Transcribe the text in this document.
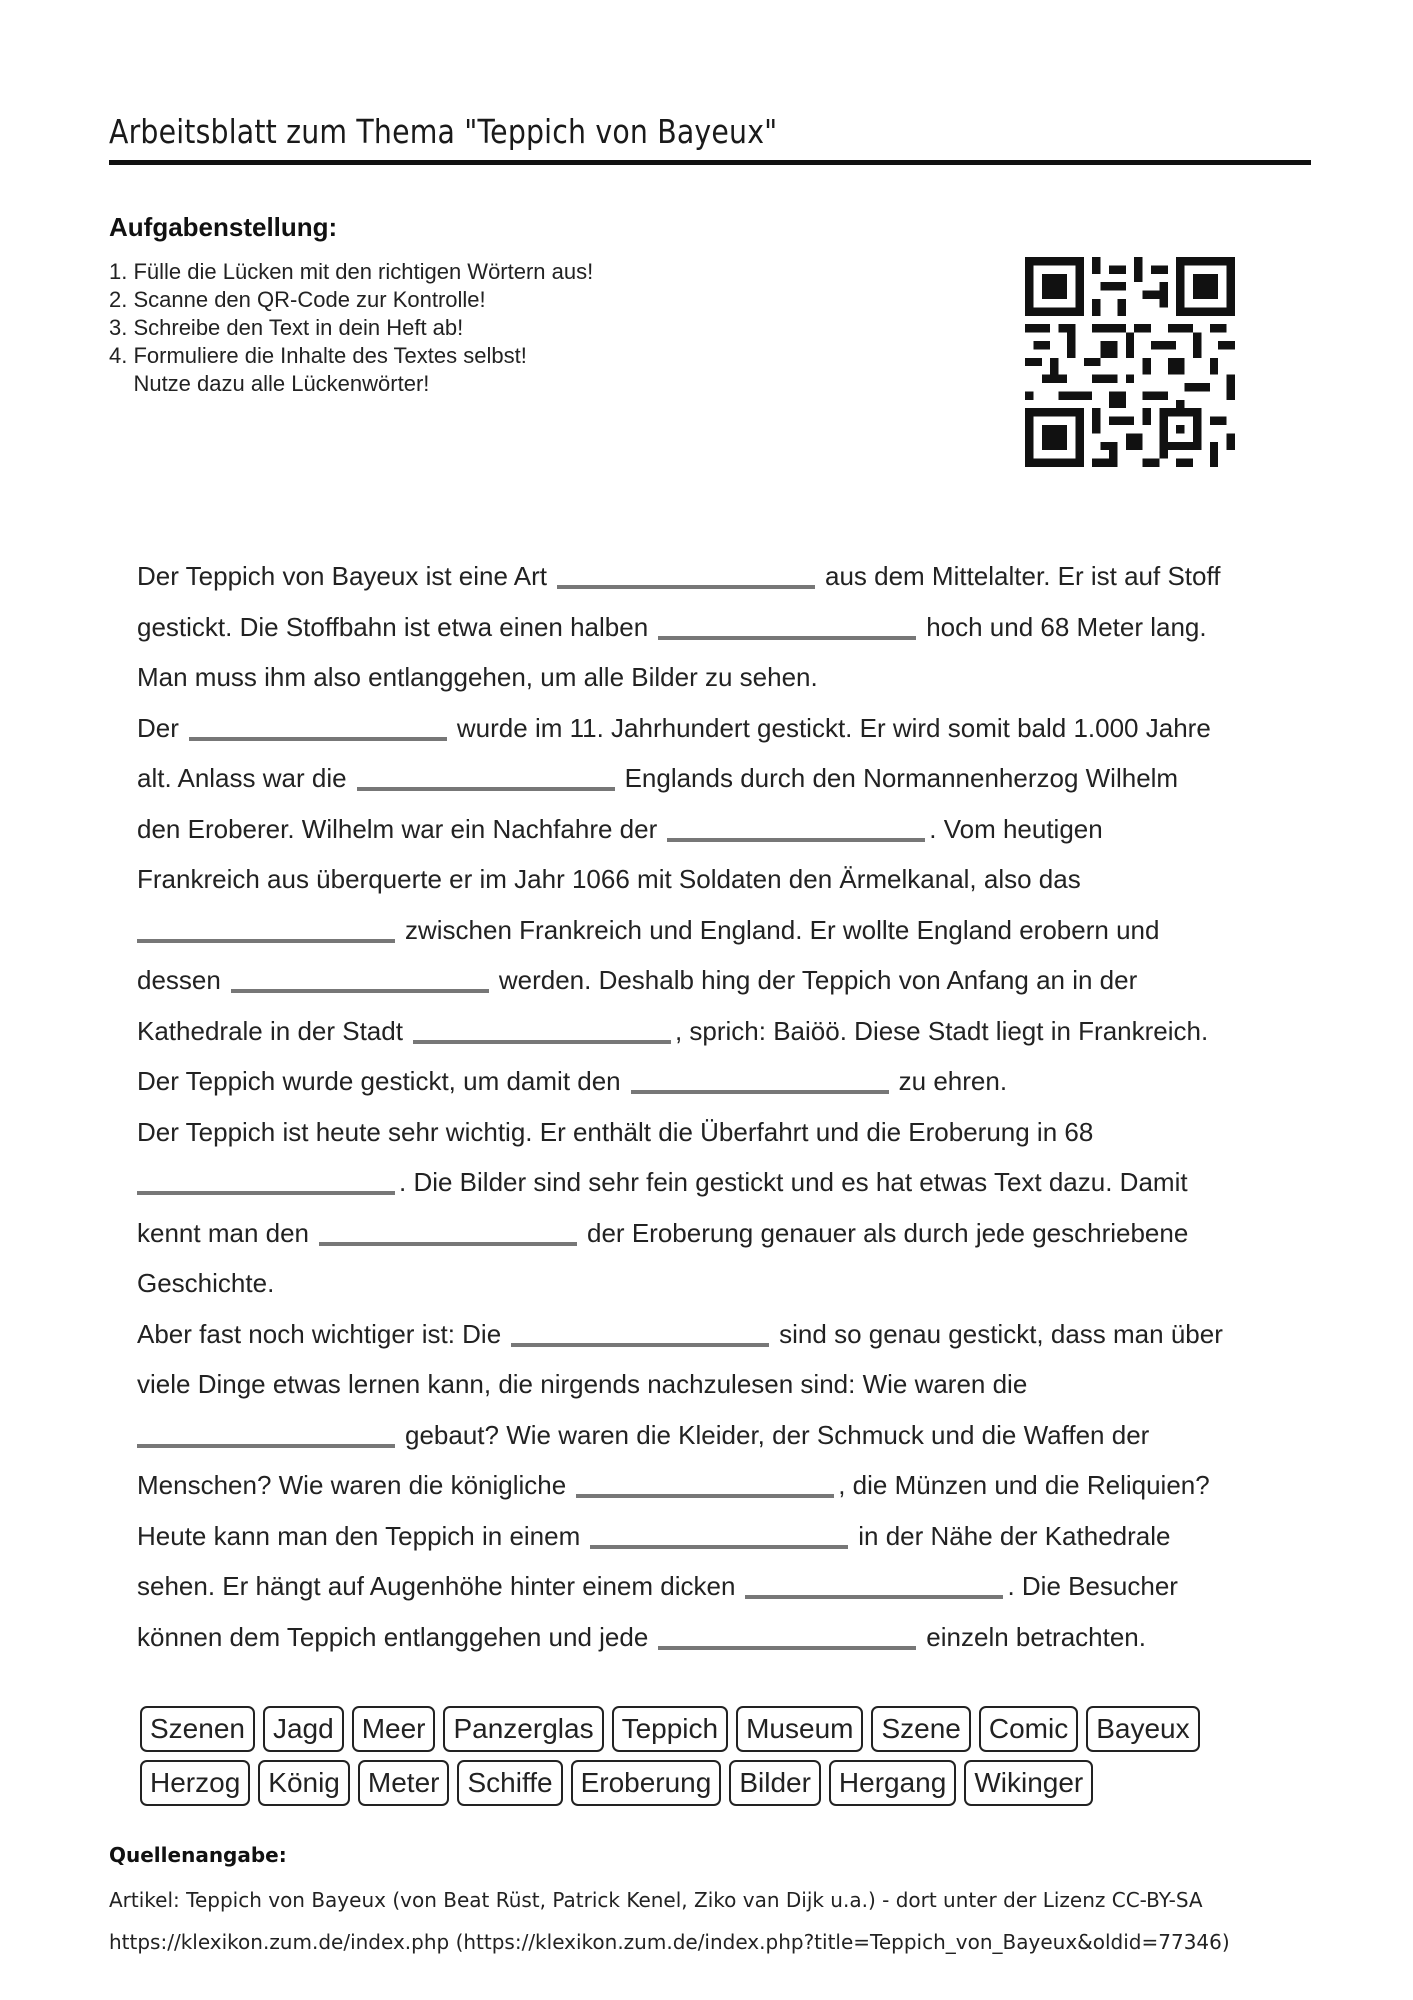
Arbeitsblatt zum Thema "Teppich von Bayeux"
Aufgabenstellung:
1. Fülle die Lücken mit den richtigen Wörtern aus!
2. Scanne den QR-Code zur Kontrolle!
3. Schreibe den Text in dein Heft ab!
4. Formuliere die Inhalte des Textes selbst!
Nutze dazu alle Lückenwörter!
Der Teppich von Bayeux ist eine Art	aus dem Mittelalter. Er ist auf Stoff
gestickt. Die Stoffbahn ist etwa einen halben	hoch und 68 Meter lang.
Man muss ihm also entlanggehen, um alle Bilder zu sehen.
Der	wurde im 11. Jahrhundert gestickt. Er wird somit bald 1.000 Jahre
alt. Anlass war die	Englands durch den Normannenherzog Wilhelm
den Eroberer. Wilhelm war ein Nachfahre der	. Vom heutigen
Frankreich aus überquerte er im Jahr 1066 mit Soldaten den Ärmelkanal, also das
zwischen Frankreich und England. Er wollte England erobern und
dessen	werden. Deshalb hing der Teppich von Anfang an in der
Kathedrale in der Stadt	, sprich: Baiöö. Diese Stadt liegt in Frankreich.
Der Teppich wurde gestickt, um damit den	zu ehren.
Der Teppich ist heute sehr wichtig. Er enthält die Überfahrt und die Eroberung in 68
. Die Bilder sind sehr fein gestickt und es hat etwas Text dazu. Damit
kennt man den	der Eroberung genauer als durch jede geschriebene
Geschichte.
Aber fast noch wichtiger ist: Die	sind so genau gestickt, dass man über
viele Dinge etwas lernen kann, die nirgends nachzulesen sind: Wie waren die
gebaut? Wie waren die Kleider, der Schmuck und die Waffen der
Menschen? Wie waren die königliche	, die Münzen und die Reliquien?
Heute kann man den Teppich in einem	in der Nähe der Kathedrale
sehen. Er hängt auf Augenhöhe hinter einem dicken	. Die Besucher
können dem Teppich entlanggehen und jede	einzeln betrachten.
Szenen	Jagd	Meer	Panzerglas	Teppich	Museum	Szene	Comic	Bayeux
Herzog	König	Meter	Schiffe	Eroberung	Bilder	Hergang	Wikinger
Quellenangabe:
Artikel: Teppich von Bayeux (von Beat Rüst, Patrick Kenel, Ziko van Dijk u.a.) - dort unter der Lizenz CC-BY-SA
https://klexikon.zum.de/index.php (https://klexikon.zum.de/index.php?title=Teppich_von_Bayeux&oldid=77346)
